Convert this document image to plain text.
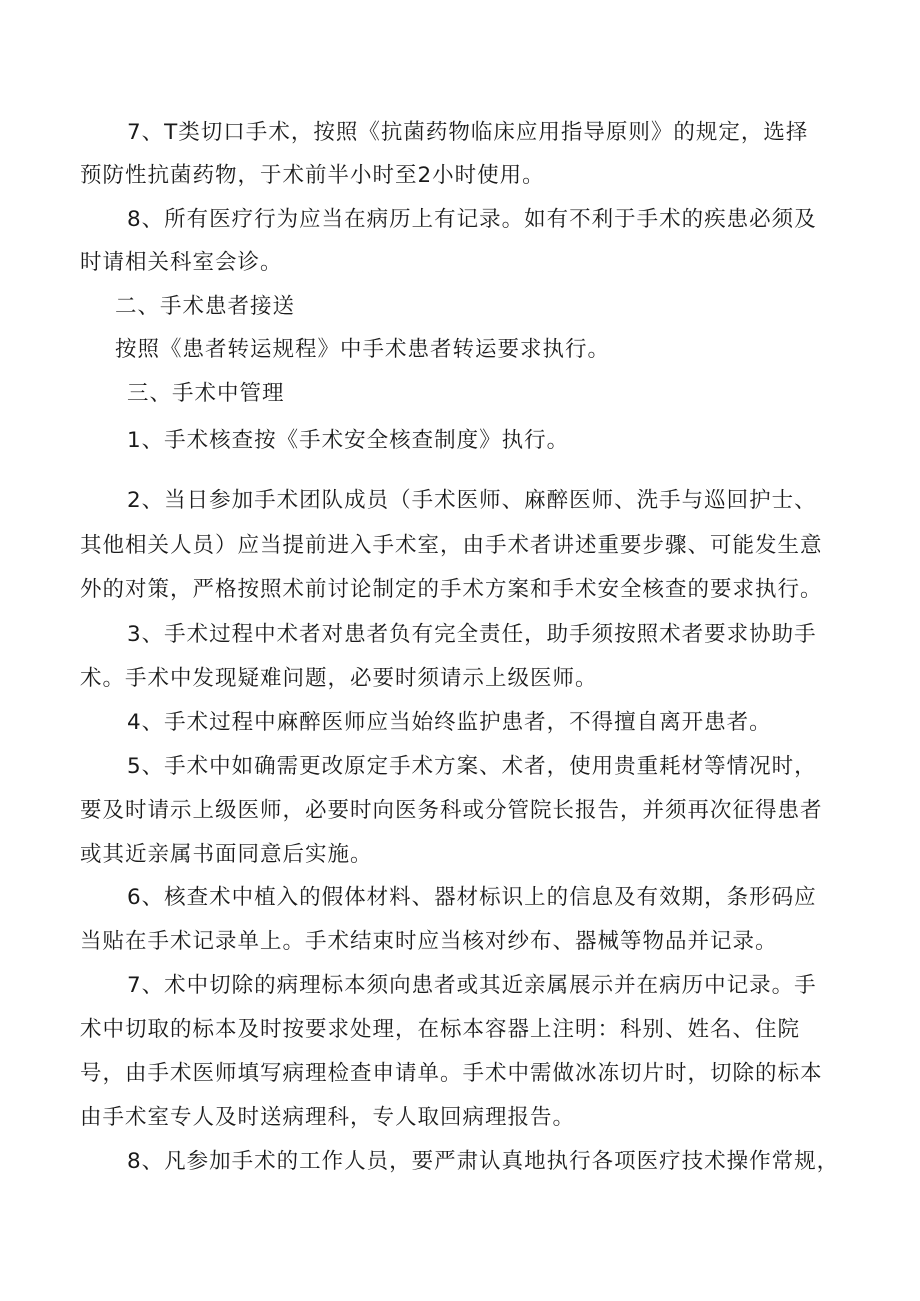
7、T类切口手术，按照《抗菌药物临床应用指导原则》的规定，选择
预防性抗菌药物，于术前半小时至2小时使用。
8、所有医疗行为应当在病历上有记录。如有不利于手术的疾患必须及
时请相关科室会诊。
二、手术患者接送
按照《患者转运规程》中手术患者转运要求执行。
三、手术中管理
1、手术核查按《手术安全核查制度》执行。
2、当日参加手术团队成员（手术医师、麻醉医师、洗手与巡回护士、
其他相关人员）应当提前进入手术室，由手术者讲述重要步骤、可能发生意
外的对策，严格按照术前讨论制定的手术方案和手术安全核查的要求执行。
3、手术过程中术者对患者负有完全责任，助手须按照术者要求协助手
术。手术中发现疑难问题，必要时须请示上级医师。
4、手术过程中麻醉医师应当始终监护患者，不得擅自离开患者。
5、手术中如确需更改原定手术方案、术者，使用贵重耗材等情况时，
要及时请示上级医师，必要时向医务科或分管院长报告，并须再次征得患者
或其近亲属书面同意后实施。
6、核查术中植入的假体材料、器材标识上的信息及有效期，条形码应
当贴在手术记录单上。手术结束时应当核对纱布、器械等物品并记录。
7、术中切除的病理标本须向患者或其近亲属展示并在病历中记录。手
术中切取的标本及时按要求处理，在标本容器上注明：科别、姓名、住院
号，由手术医师填写病理检查申请单。手术中需做冰冻切片时，切除的标本
由手术室专人及时送病理科，专人取回病理报告。
8、凡参加手术的工作人员，要严肃认真地执行各项医疗技术操作常规，
